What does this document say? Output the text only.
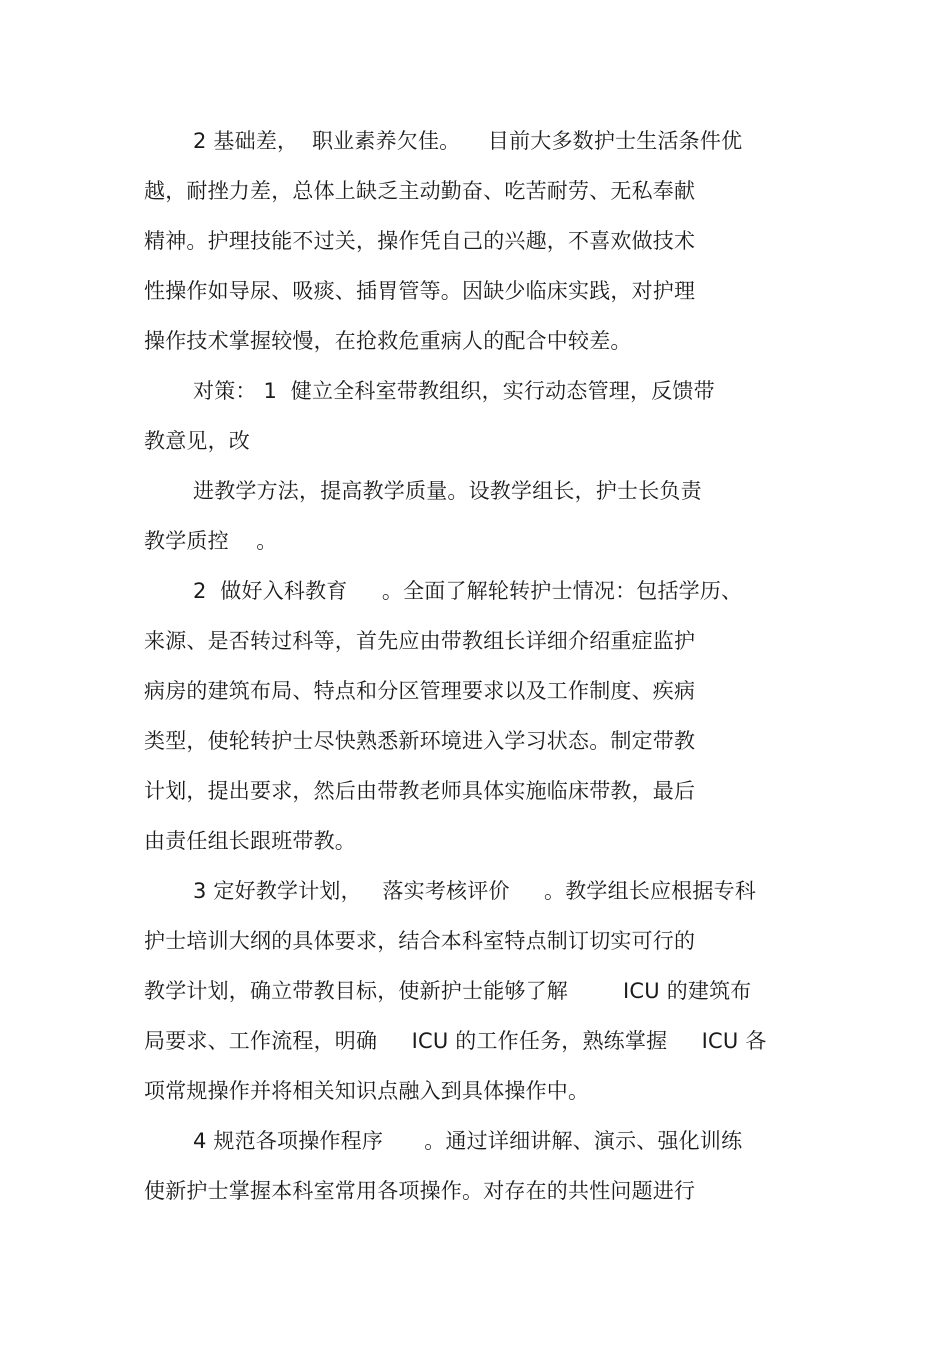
2 基础差，  职业素养欠佳。    目前大多数护士生活条件优
越，耐挫力差，总体上缺乏主动勤奋、吃苦耐劳、无私奉献
精神。护理技能不过关，操作凭自己的兴趣，不喜欢做技术
性操作如导尿、吸痰、插胃管等。因缺少临床实践，对护理
操作技术掌握较慢，在抢救危重病人的配合中较差。
对策： 1  健立全科室带教组织，实行动态管理，反馈带
教意见，改
进教学方法，提高教学质量。设教学组长，护士长负责
教学质控    。
2  做好入科教育     。全面了解轮转护士情况：包括学历、
来源、是否转过科等，首先应由带教组长详细介绍重症监护
病房的建筑布局、特点和分区管理要求以及工作制度、疾病
类型，使轮转护士尽快熟悉新环境进入学习状态。制定带教
计划，提出要求，然后由带教老师具体实施临床带教，最后
由责任组长跟班带教。
3 定好教学计划，   落实考核评价     。教学组长应根据专科
护士培训大纲的具体要求，结合本科室特点制订切实可行的
教学计划，确立带教目标，使新护士能够了解        ICU 的建筑布
局要求、工作流程，明确     ICU 的工作任务，熟练掌握     ICU 各
项常规操作并将相关知识点融入到具体操作中。
4 规范各项操作程序      。通过详细讲解、演示、强化训练
使新护士掌握本科室常用各项操作。对存在的共性问题进行
